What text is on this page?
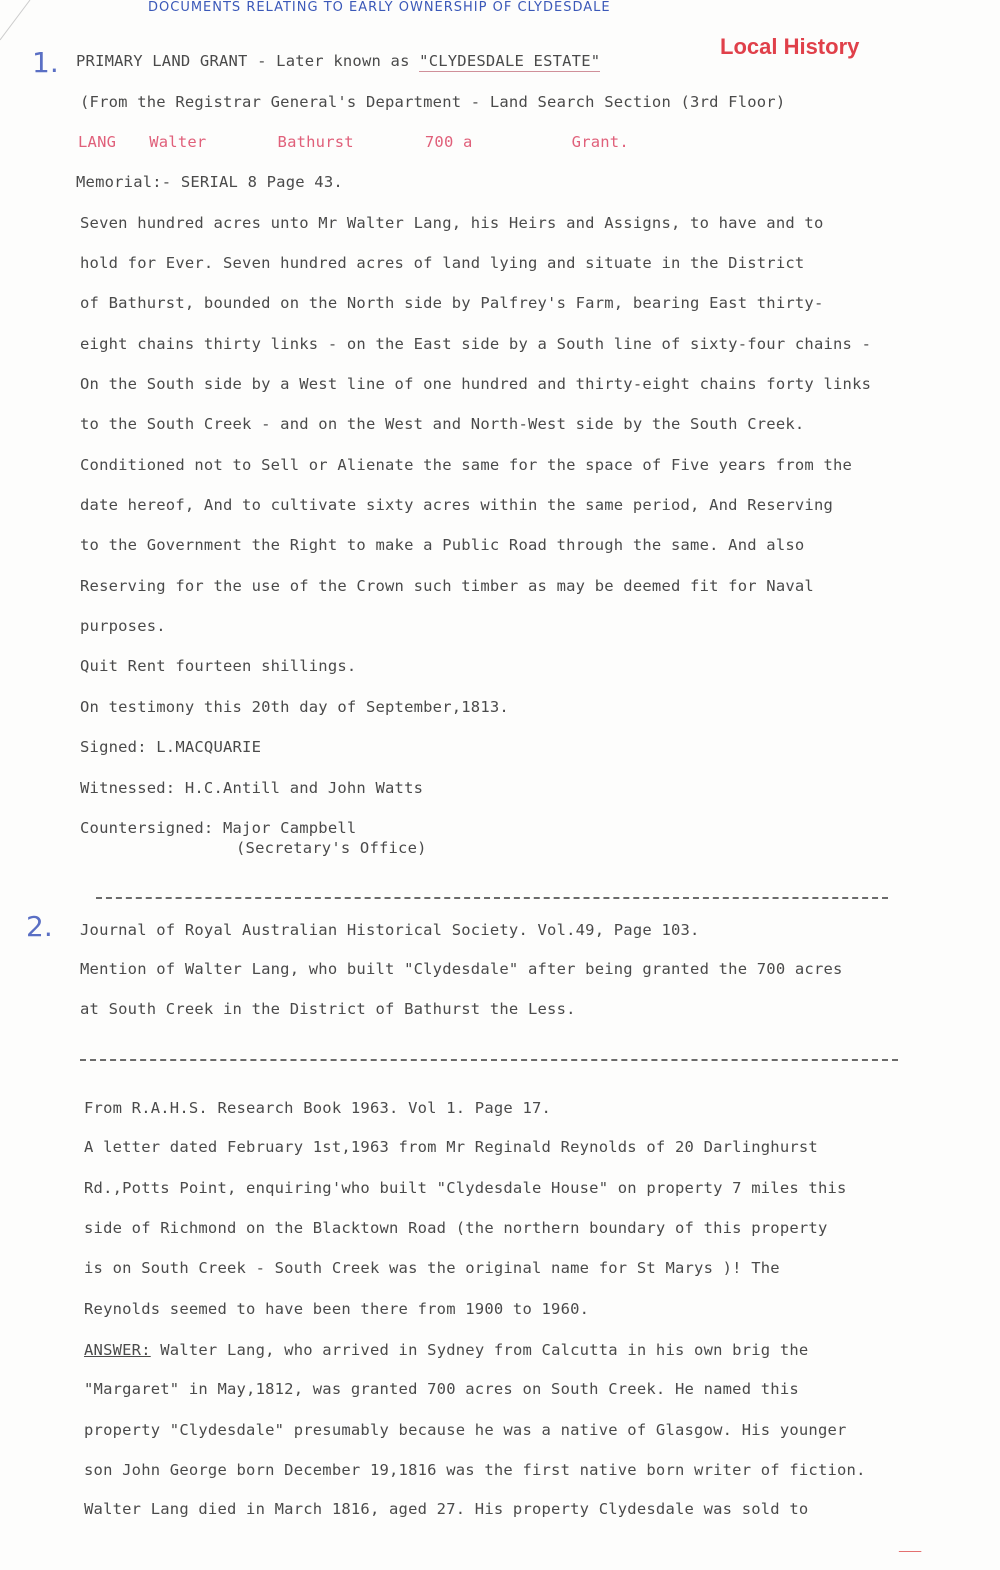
DOCUMENTS RELATING TO EARLY OWNERSHIP OF CLYDESDALE
Local History
1. PRIMARY LAND GRANT - Later known as "CLYDESDALE ESTATE"
(From the Registrar General's Department - Land Search Section (3rd Floor)
LANG Walter	Bathurst	700 a	Grant.
Memorial:- SERIAL 8 Page 43.
Seven hundred acres unto Mr Walter Lang, his Heirs and Assigns, to have and to
hold for Ever. Seven hundred acres of land lying and situate in the District
of Bathurst, bounded on the North side by Palfrey's Farm, bearing East thirty-
eight chains thirty links - on the East side by a South line of sixty-four chains -
On the South side by a West line of one hundred and thirty-eight chains forty links
to the South Creek - and on the West and North-West side by the South Creek.
Conditioned not to Sell or Alienate the same for the space of Five years from the
date hereof, And to cultivate sixty acres within the same period, And Reserving
to the Government the Right to make a Public Road through the same. And also
Reserving for the use of the Crown such timber as may be deemed fit for Naval
purposes.
Quit Rent fourteen shillings.
On testimony this 20th day of September,1813.
Signed: L.MACQUARIE
Witnessed: H.C.Antill and John Watts
Countersigned: Major Campbell
(Secretary's Office)
2. Journal of Royal Australian Historical Society. Vol.49, Page 103.
Mention of Walter Lang, who built "Clydesdale" after being granted the 700 acres
at South Creek in the District of Bathurst the Less.
From R.A.H.S. Research Book 1963. Vol 1. Page 17.
A letter dated February 1st,1963 from Mr Reginald Reynolds of 20 Darlinghurst
Rd.,Potts Point, enquiring'who built "Clydesdale House" on property 7 miles this
side of Richmond on the Blacktown Road (the northern boundary of this property
is on South Creek - South Creek was the original name for St Marys )! The
Reynolds seemed to have been there from 1900 to 1960.
ANSWER: Walter Lang, who arrived in Sydney from Calcutta in his own brig the
"Margaret" in May,1812, was granted 700 acres on South Creek. He named this
property "Clydesdale" presumably because he was a native of Glasgow. His younger
son John George born December 19,1816 was the first native born writer of fiction.
Walter Lang died in March 1816, aged 27. His property Clydesdale was sold to
⸺
